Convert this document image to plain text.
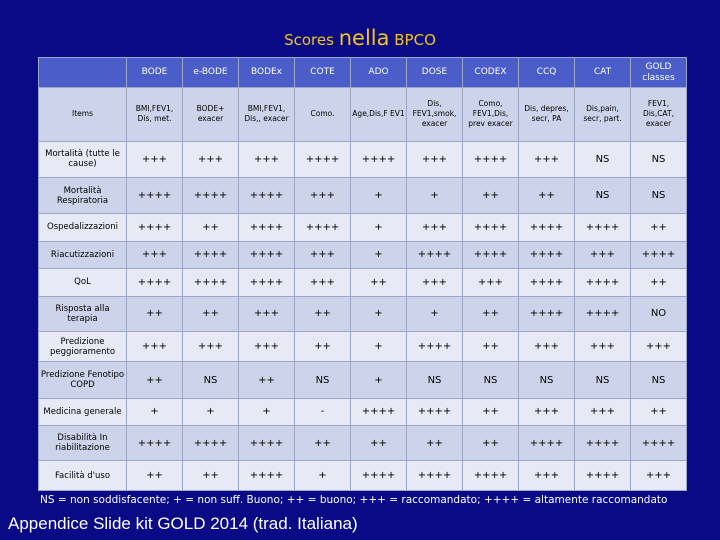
Scores nella BPCO
	BODE	e-BODE	BODEx	COTE	ADO	DOSE	CODEX	CCQ	CAT	GOLD classes
Items	BMI,FEV1, Dis, met.	BODE+ exacer	BMI,FEV1, Dis,, exacer	Como.	Age,Dis,F EV1	Dis, FEV1,smok, exacer	Como, FEV1,Dis, prev exacer	Dis, depres, secr, PA	Dis,pain, secr, part.	FEV1, Dis,CAT, exacer
Mortalità (tutte le cause)	+++	+++	+++	++++	++++	+++	++++	+++	NS	NS
Mortalità Respiratoria	++++	++++	++++	+++	+	+	++	++	NS	NS
Ospedalizzazioni	++++	++	++++	++++	+	+++	++++	++++	++++	++
Riacutizzazioni	+++	++++	++++	+++	+	++++	++++	++++	+++	++++
QoL	++++	++++	++++	+++	++	+++	+++	++++	++++	++
Risposta alla terapia	++	++	+++	++	+	+	++	++++	++++	NO
Predizione peggioramento	+++	+++	+++	++	+	++++	++	+++	+++	+++
Predizione Fenotipo COPD	++	NS	++	NS	+	NS	NS	NS	NS	NS
Medicina generale	+	+	+	-	++++	++++	++	+++	+++	++
Disabilità In riabilitazione	++++	++++	++++	++	++	++	++	++++	++++	++++
Facilità d'uso	++	++	++++	+	++++	++++	++++	+++	++++	+++
NS = non soddisfacente; + = non suff. Buono; ++ = buono; +++ = raccomandato; ++++ = altamente raccomandato
Appendice Slide kit GOLD 2014 (trad. Italiana)
